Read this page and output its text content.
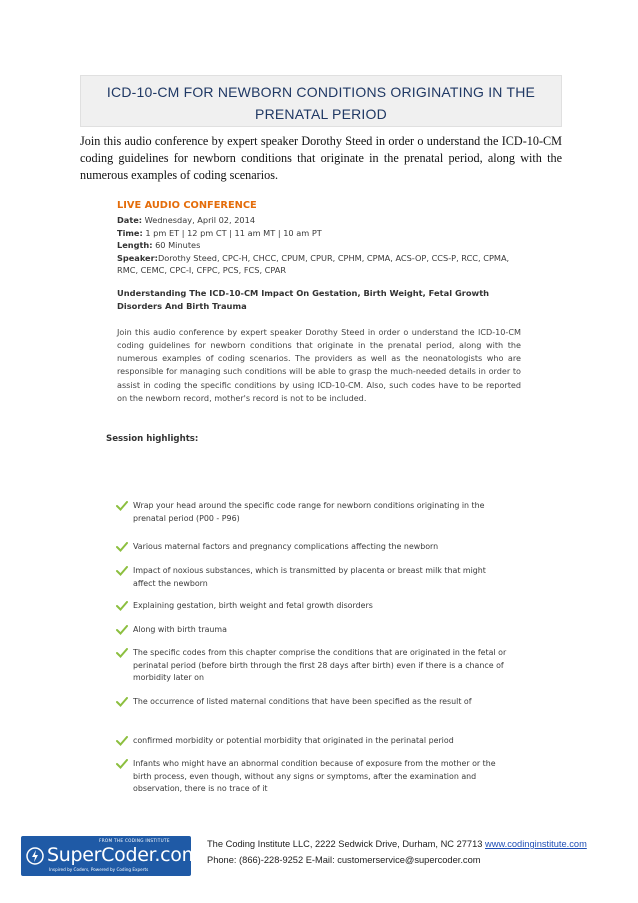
ICD-10-CM FOR NEWBORN CONDITIONS ORIGINATING IN THE
PRENATAL PERIOD
Join this audio conference by expert speaker Dorothy Steed in order o understand the ICD-10-CM coding guidelines for newborn conditions that originate in the prenatal period, along with the numerous examples of coding scenarios.
LIVE AUDIO CONFERENCE
Date: Wednesday, April 02, 2014
Time: 1 pm ET | 12 pm CT | 11 am MT | 10 am PT
Length: 60 Minutes
Speaker:Dorothy Steed, CPC-H, CHCC, CPUM, CPUR, CPHM, CPMA, ACS-OP, CCS-P, RCC, CPMA,
RMC, CEMC, CPC-I, CFPC, PCS, FCS, CPAR
Understanding The ICD-10-CM Impact On Gestation, Birth Weight, Fetal Growth Disorders And Birth Trauma
Join this audio conference by expert speaker Dorothy Steed in order o understand the ICD-10-CM coding guidelines for newborn conditions that originate in the prenatal period, along with the numerous examples of coding scenarios. The providers as well as the neonatologists who are responsible for managing such conditions will be able to grasp the much-needed details in order to assist in coding the specific conditions by using ICD-10-CM. Also, such codes have to be reported on the newborn record, mother's record is not to be included.
Session highlights:
Wrap your head around the specific code range for newborn conditions originating in the prenatal period (P00 - P96)
Various maternal factors and pregnancy complications affecting the newborn
Impact of noxious substances, which is transmitted by placenta or breast milk that might affect the newborn
Explaining gestation, birth weight and fetal growth disorders
Along with birth trauma
The specific codes from this chapter comprise the conditions that are originated in the fetal or perinatal period (before birth through the first 28 days after birth) even if there is a chance of morbidity later on
The occurrence of listed maternal conditions that have been specified as the result of
confirmed morbidity or potential morbidity that originated in the perinatal period
Infants who might have an abnormal condition because of exposure from the mother or the birth process, even though, without any signs or symptoms, after the examination and observation, there is no trace of it
FROM THE CODING INSTITUTE
SuperCoder.com
Inspired by Coders, Powered by Coding Experts
The Coding Institute LLC, 2222 Sedwick Drive, Durham, NC 27713 www.codinginstitute.com
Phone: (866)-228-9252 E-Mail: customerservice@supercoder.com
